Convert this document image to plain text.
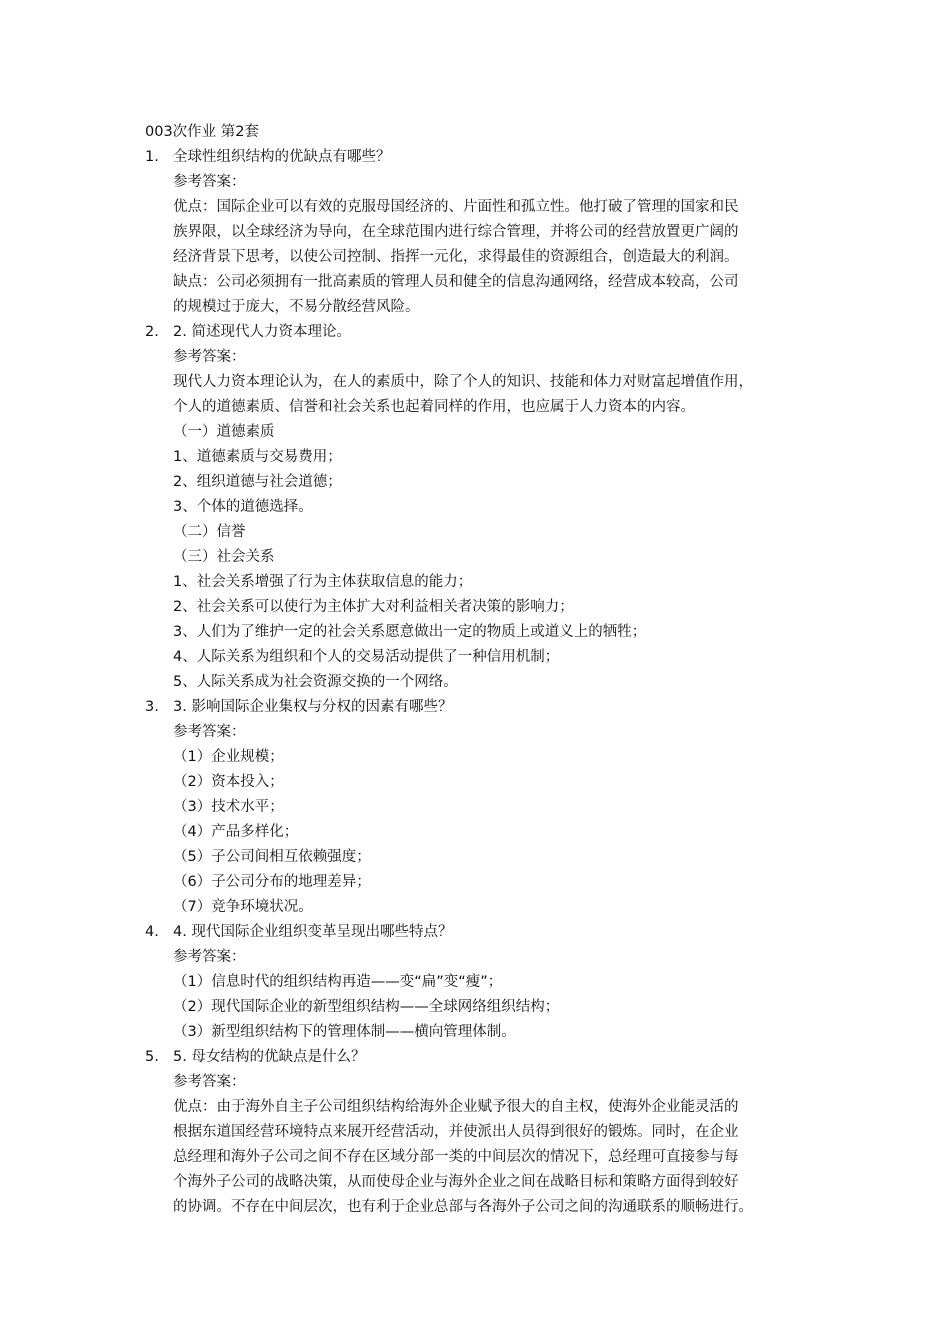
003次作业 第2套
1. 全球性组织结构的优缺点有哪些？
参考答案：
优点：国际企业可以有效的克服母国经济的、片面性和孤立性。他打破了管理的国家和民
族界限，以全球经济为导向，在全球范围内进行综合管理，并将公司的经营放置更广阔的
经济背景下思考，以使公司控制、指挥一元化，求得最佳的资源组合，创造最大的利润。
缺点：公司必须拥有一批高素质的管理人员和健全的信息沟通网络，经营成本较高，公司
的规模过于庞大，不易分散经营风险。
2. 2. 简述现代人力资本理论。
参考答案：
现代人力资本理论认为，在人的素质中，除了个人的知识、技能和体力对财富起增值作用，
个人的道德素质、信誉和社会关系也起着同样的作用，也应属于人力资本的内容。
（一）道德素质
1、道德素质与交易费用；
2、组织道德与社会道德；
3、个体的道德选择。
（二）信誉
（三）社会关系
1、社会关系增强了行为主体获取信息的能力；
2、社会关系可以使行为主体扩大对利益相关者决策的影响力；
3、人们为了维护一定的社会关系愿意做出一定的物质上或道义上的牺牲；
4、人际关系为组织和个人的交易活动提供了一种信用机制；
5、人际关系成为社会资源交换的一个网络。
3. 3. 影响国际企业集权与分权的因素有哪些？
参考答案：
（1）企业规模；
（2）资本投入；
（3）技术水平；
（4）产品多样化；
（5）子公司间相互依赖强度；
（6）子公司分布的地理差异；
（7）竞争环境状况。
4. 4. 现代国际企业组织变革呈现出哪些特点？
参考答案：
（1）信息时代的组织结构再造——变“扁”变“瘦”；
（2）现代国际企业的新型组织结构——全球网络组织结构；
（3）新型组织结构下的管理体制——横向管理体制。
5. 5. 母女结构的优缺点是什么？
参考答案：
优点：由于海外自主子公司组织结构给海外企业赋予很大的自主权，使海外企业能灵活的
根据东道国经营环境特点来展开经营活动，并使派出人员得到很好的锻炼。同时，在企业
总经理和海外子公司之间不存在区域分部一类的中间层次的情况下，总经理可直接参与每
个海外子公司的战略决策，从而使母企业与海外企业之间在战略目标和策略方面得到较好
的协调。不存在中间层次，也有利于企业总部与各海外子公司之间的沟通联系的顺畅进行。
